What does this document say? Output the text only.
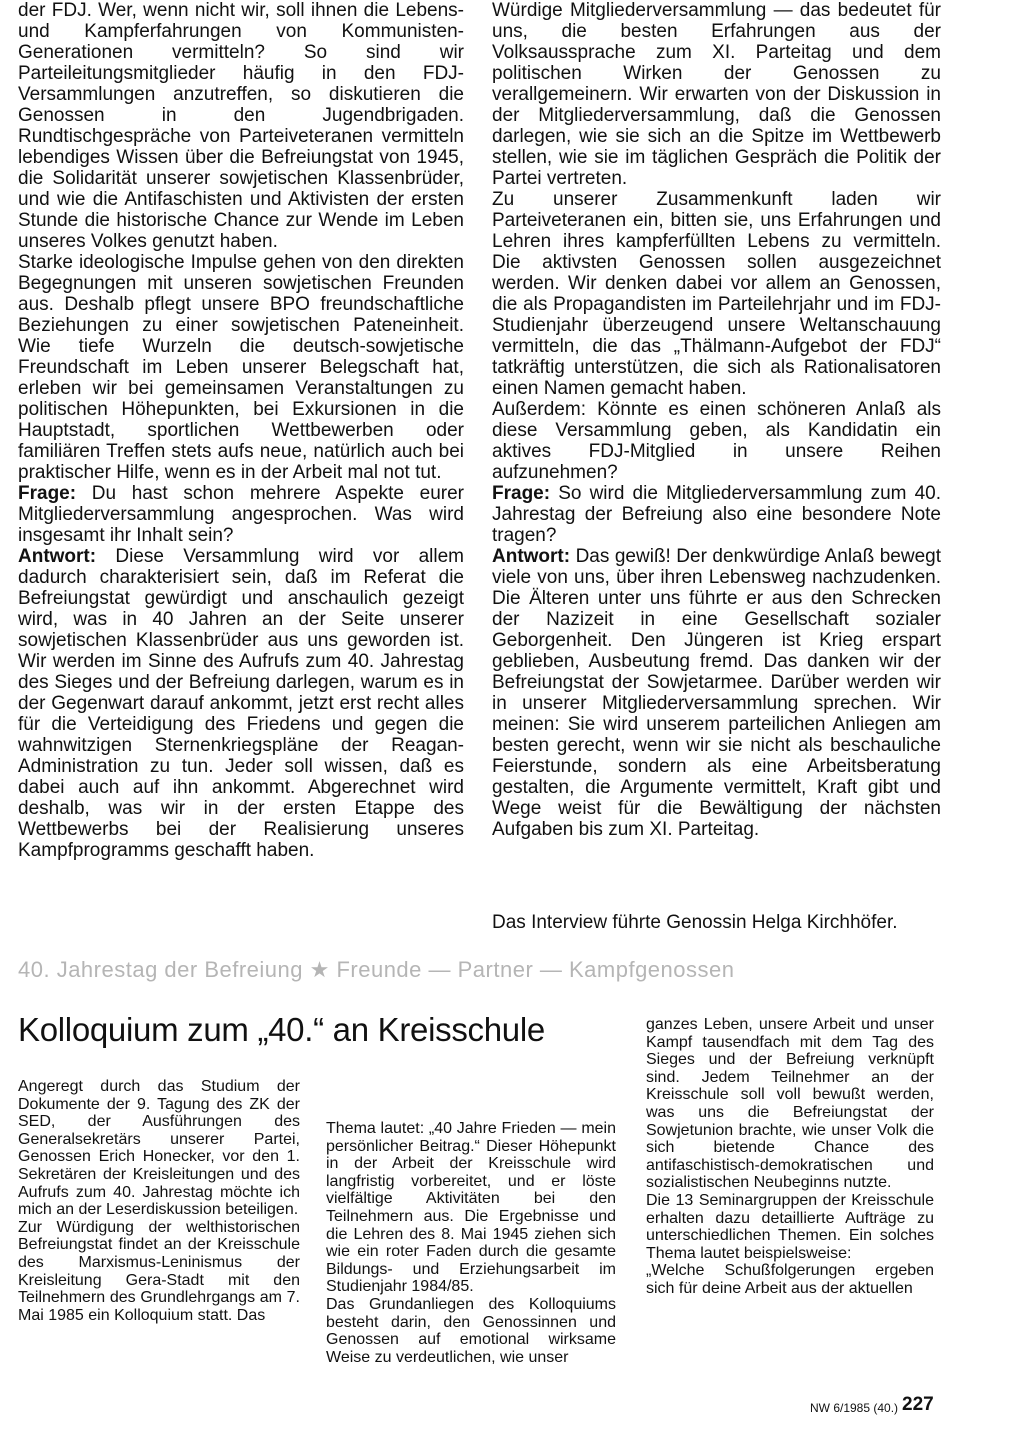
der FDJ. Wer, wenn nicht wir, soll ihnen die Lebens- und Kampferfahrungen von Kommunisten-Generationen vermitteln? So sind wir Parteileitungsmitglieder häufig in den FDJ-Versammlungen anzutreffen, so diskutieren die Genossen in den Jugendbrigaden. Rundtischgespräche von Parteiveteranen vermitteln lebendiges Wissen über die Befreiungstat von 1945, die Solidarität unserer sowjetischen Klassenbrüder, und wie die Antifaschisten und Aktivisten der ersten Stunde die historische Chance zur Wende im Leben unseres Volkes genutzt haben.

Starke ideologische Impulse gehen von den direkten Begegnungen mit unseren sowjetischen Freunden aus. Deshalb pflegt unsere BPO freundschaftliche Beziehungen zu einer sowjetischen Pateneinheit. Wie tiefe Wurzeln die deutsch-sowjetische Freundschaft im Leben unserer Belegschaft hat, erleben wir bei gemeinsamen Veranstaltungen zu politischen Höhepunkten, bei Exkursionen in die Hauptstadt, sportlichen Wettbewerben oder familiären Treffen stets aufs neue, natürlich auch bei praktischer Hilfe, wenn es in der Arbeit mal not tut.

Frage: Du hast schon mehrere Aspekte eurer Mitgliederversammlung angesprochen. Was wird insgesamt ihr Inhalt sein?

Antwort: Diese Versammlung wird vor allem dadurch charakterisiert sein, daß im Referat die Befreiungstat gewürdigt und anschaulich gezeigt wird, was in 40 Jahren an der Seite unserer sowjetischen Klassenbrüder aus uns geworden ist. Wir werden im Sinne des Aufrufs zum 40. Jahrestag des Sieges und der Befreiung darlegen, warum es in der Gegenwart darauf ankommt, jetzt erst recht alles für die Verteidigung des Friedens und gegen die wahnwitzigen Sternenkriegspläne der Reagan-Administration zu tun. Jeder soll wissen, daß es dabei auch auf ihn ankommt. Abgerechnet wird deshalb, was wir in der ersten Etappe des Wettbewerbs bei der Realisierung unseres Kampfprogramms geschafft haben.

Würdige Mitgliederversammlung — das bedeutet für uns, die besten Erfahrungen aus der Volksaussprache zum XI. Parteitag und dem politischen Wirken der Genossen zu verallgemeinern. Wir erwarten von der Diskussion in der Mitgliederversammlung, daß die Genossen darlegen, wie sie sich an die Spitze im Wettbewerb stellen, wie sie im täglichen Gespräch die Politik der Partei vertreten.

Zu unserer Zusammenkunft laden wir Parteiveteranen ein, bitten sie, uns Erfahrungen und Lehren ihres kampferfüllten Lebens zu vermitteln. Die aktivsten Genossen sollen ausgezeichnet werden. Wir denken dabei vor allem an Genossen, die als Propagandisten im Parteilehrjahr und im FDJ-Studienjahr überzeugend unsere Weltanschauung vermitteln, die das „Thälmann-Aufgebot der FDJ“ tatkräftig unterstützen, die sich als Rationalisatoren einen Namen gemacht haben.

Außerdem: Könnte es einen schöneren Anlaß als diese Versammlung geben, als Kandidatin ein aktives FDJ-Mitglied in unsere Reihen aufzunehmen?

Frage: So wird die Mitgliederversammlung zum 40. Jahrestag der Befreiung also eine besondere Note tragen?

Antwort: Das gewiß! Der denkwürdige Anlaß bewegt viele von uns, über ihren Lebensweg nachzudenken. Die Älteren unter uns führte er aus den Schrecken der Nazizeit in eine Gesellschaft sozialer Geborgenheit. Den Jüngeren ist Krieg erspart geblieben, Ausbeutung fremd. Das danken wir der Befreiungstat der Sowjetarmee. Darüber werden wir in unserer Mitgliederversammlung sprechen. Wir meinen: Sie wird unserem parteilichen Anliegen am besten gerecht, wenn wir sie nicht als beschauliche Feierstunde, sondern als eine Arbeitsberatung gestalten, die Argumente vermittelt, Kraft gibt und Wege weist für die Bewältigung der nächsten Aufgaben bis zum XI. Parteitag.

Das Interview führte Genossin Helga Kirchhöfer.

40. Jahrestag der Befreiung ★ Freunde — Partner — Kampfgenossen
Kolloquium zum „40.“ an Kreisschule

Angeregt durch das Studium der Dokumente der 9. Tagung des ZK der SED, der Ausführungen des Generalsekretärs unserer Partei, Genossen Erich Honecker, vor den 1. Sekretären der Kreisleitungen und des Aufrufs zum 40. Jahrestag möchte ich mich an der Leserdiskussion beteiligen.

Zur Würdigung der welthistorischen Befreiungstat findet an der Kreisschule des Marxismus-Leninismus der Kreisleitung Gera-Stadt mit den Teilnehmern des Grundlehrgangs am 7. Mai 1985 ein Kolloquium statt. Das

Thema lautet: „40 Jahre Frieden — mein persönlicher Beitrag.“ Dieser Höhepunkt in der Arbeit der Kreisschule wird langfristig vorbereitet, und er löste vielfältige Aktivitäten bei den Teilnehmern aus. Die Ergebnisse und die Lehren des 8. Mai 1945 ziehen sich wie ein roter Faden durch die gesamte Bildungs- und Erziehungsarbeit im Studienjahr 1984/85.

Das Grundanliegen des Kolloquiums besteht darin, den Genossinnen und Genossen auf emotional wirksame Weise zu verdeutlichen, wie unser

ganzes Leben, unsere Arbeit und unser Kampf tausendfach mit dem Tag des Sieges und der Befreiung verknüpft sind. Jedem Teilnehmer an der Kreisschule soll voll bewußt werden, was uns die Befreiungstat der Sowjetunion brachte, wie unser Volk die sich bietende Chance des antifaschistisch-demokratischen und sozialistischen Neubeginns nutzte.

Die 13 Seminargruppen der Kreisschule erhalten dazu detaillierte Aufträge zu unterschiedlichen Themen. Ein solches Thema lautet beispielsweise:

„Welche Schußfolgerungen ergeben sich für deine Arbeit aus der aktuellen

NW 6/1985 (40.) 227
